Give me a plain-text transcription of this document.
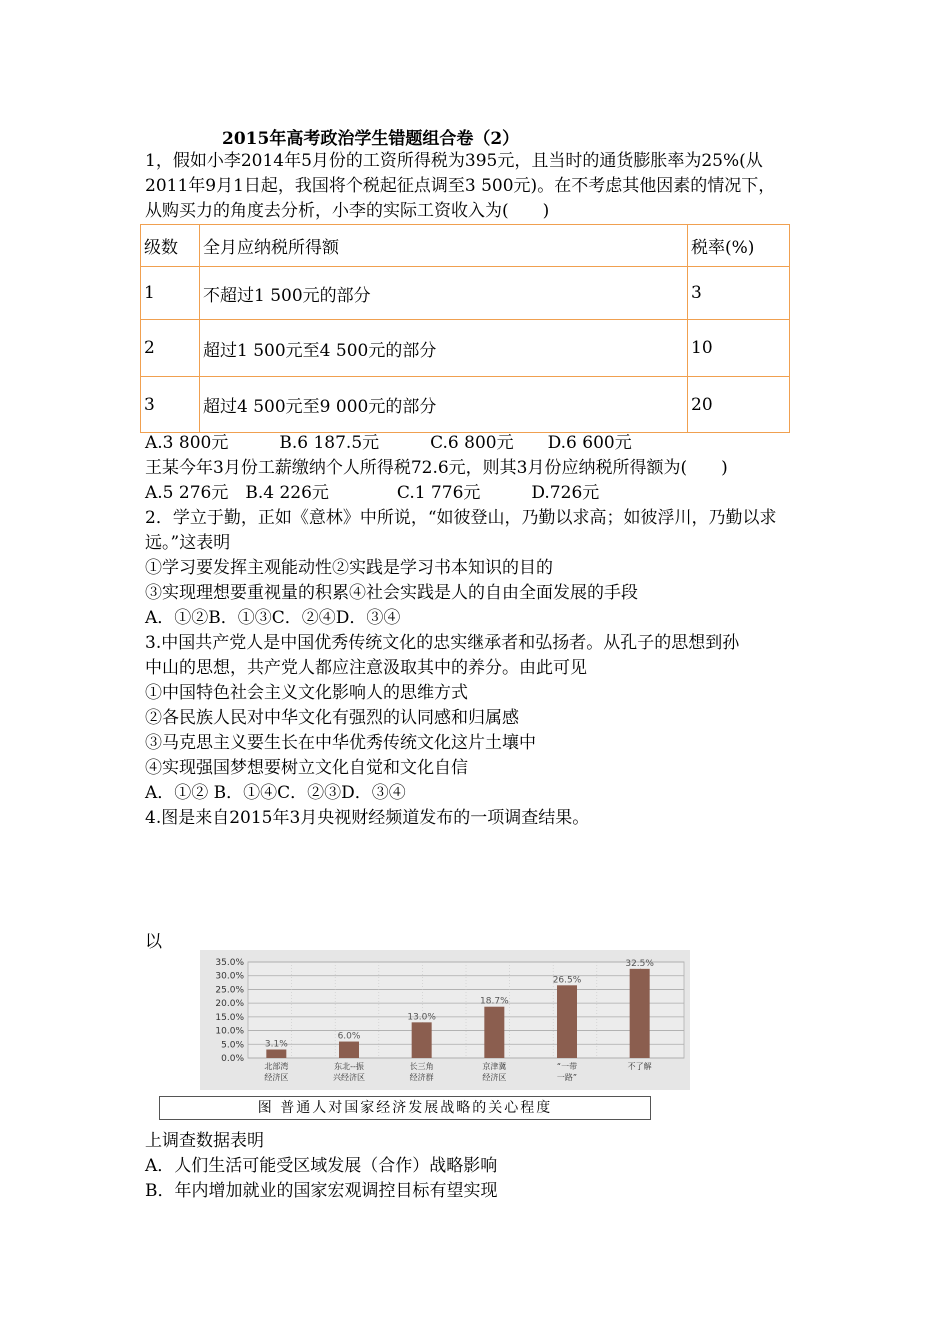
2015年高考政治学生错题组合卷（2）
1，假如小李2014年5月份的工资所得税为395元，且当时的通货膨胀率为25%(从
2011年9月1日起，我国将个税起征点调至3 500元)。在不考虑其他因素的情况下，
从购买力的角度去分析，小李的实际工资收入为(　　)
级数	全月应纳税所得额	税率(%)
1	不超过1 500元的部分	3
2	超过1 500元至4 500元的部分	10
3	超过4 500元至9 000元的部分	20
A.3 800元　　　B.6 187.5元　　　C.6 800元　　D.6 600元
王某今年3月份工薪缴纳个人所得税72.6元，则其3月份应纳税所得额为(　　)
A.5 276元　B.4 226元　　　　C.1 776元　　　D.726元
2．学立于勤，正如《意林》中所说，“如彼登山，乃勤以求高；如彼浮川，乃勤以求
远。”这表明
①学习要发挥主观能动性②实践是学习书本知识的目的
③实现理想要重视量的积累④社会实践是人的自由全面发展的手段
A．①②B．①③C．②④D．③④
3.中国共产党人是中国优秀传统文化的忠实继承者和弘扬者。从孔子的思想到孙
中山的思想，共产党人都应注意汲取其中的养分。由此可见
①中国特色社会主义文化影响人的思维方式
②各民族人民对中华文化有强烈的认同感和归属感
③马克思主义要生长在中华优秀传统文化这片土壤中
④实现强国梦想要树立文化自觉和文化自信
A．①② B．①④C．②③D．③④
4.图是来自2015年3月央视财经频道发布的一项调查结果。
以
0.0%
5.0%
10.0%
15.0%
20.0%
25.0%
30.0%
35.0%
3.1%
北部湾
经济区
6.0%
东北--振
兴经济区
13.0%
长三角
经济群
18.7%
京津冀
经济区
26.5%
“一带
一路”
32.5%
不了解
图 普通人对国家经济发展战略的关心程度
上调查数据表明
A．人们生活可能受区域发展（合作）战略影响
B．年内增加就业的国家宏观调控目标有望实现
